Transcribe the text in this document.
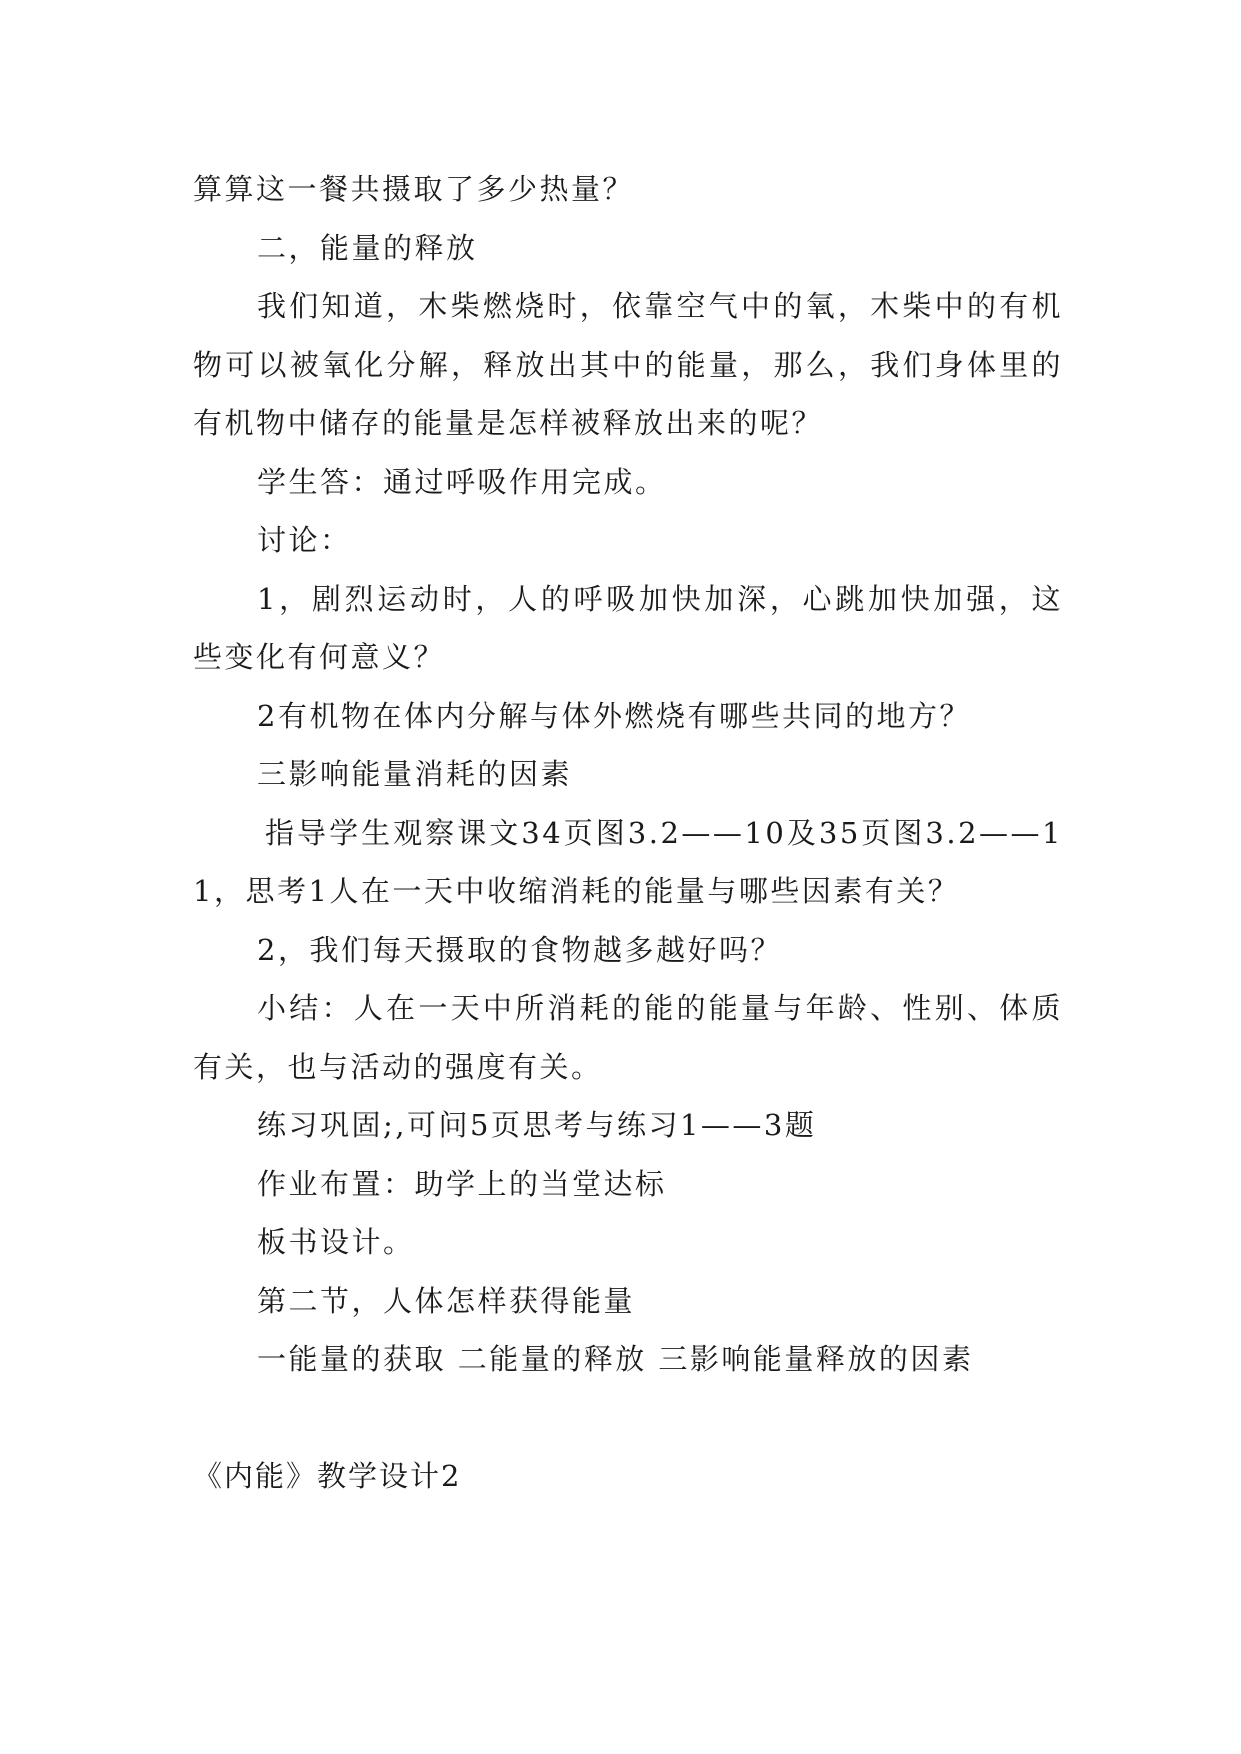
算算这一餐共摄取了多少热量？

二，能量的释放

我们知道，木柴燃烧时，依靠空气中的氧，木柴中的有机物可以被氧化分解，释放出其中的能量，那么，我们身体里的有机物中储存的能量是怎样被释放出来的呢？

学生答：通过呼吸作用完成。

讨论：

1，剧烈运动时，人的呼吸加快加深，心跳加快加强，这些变化有何意义？

2有机物在体内分解与体外燃烧有哪些共同的地方？

三影响能量消耗的因素

指导学生观察课文34页图3.2——10及35页图3.2——11，思考1人在一天中收缩消耗的能量与哪些因素有关？

2，我们每天摄取的食物越多越好吗？

小结：人在一天中所消耗的能的能量与年龄、性别、体质有关，也与活动的强度有关。

练习巩固;,可问5页思考与练习1——3题

作业布置：助学上的当堂达标

板书设计。

第二节，人体怎样获得能量

一能量的获取 二能量的释放 三影响能量释放的因素

《内能》教学设计2
